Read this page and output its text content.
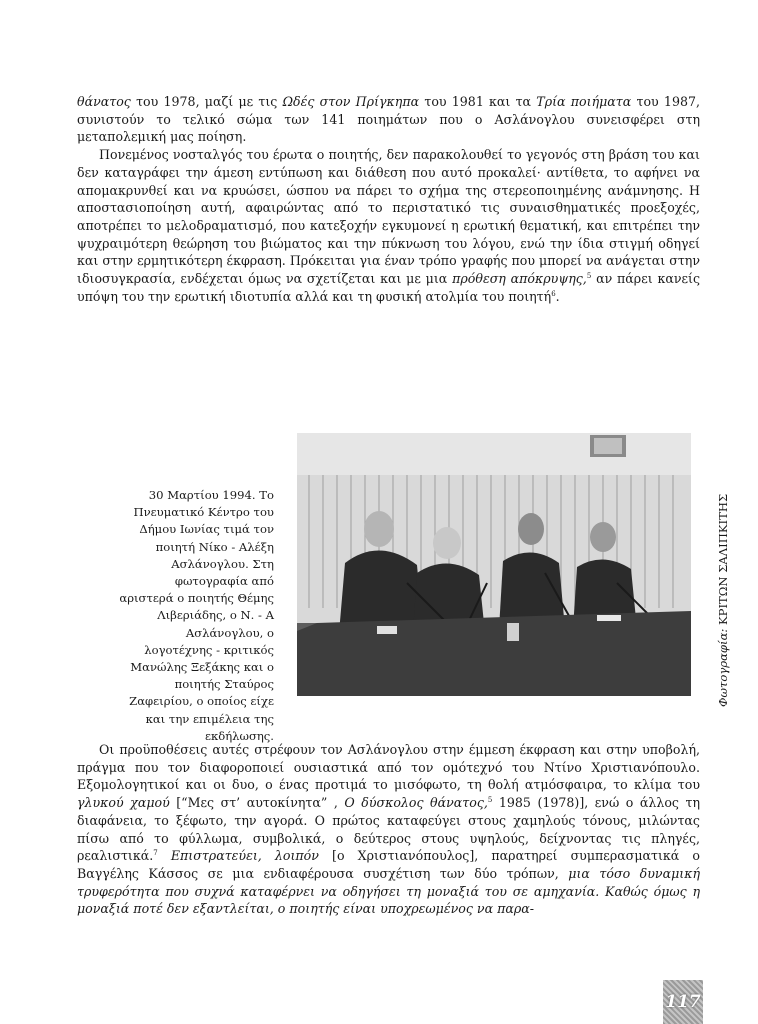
θάνατος του 1978, μαζί με τις Ωδές στον Πρίγκηπα του 1981 και τα Τρία ποιήματα του 1987, συνιστούν το τελικό σώμα των 141 ποιημάτων που ο Ασλάνογλου συνεισφέρει στη μεταπολεμική μας ποίηση.

Πονεμένος νοσταλγός του έρωτα ο ποιητής, δεν παρακολουθεί το γεγονός στη βράση του και δεν καταγράφει την άμεση εντύπωση και διάθεση που αυτό προκαλεί· αντίθετα, το αφήνει να απομακρυνθεί και να κρυώσει, ώσπου να πάρει το σχήμα της στερεοποιημένης ανάμνησης. Η αποστασιοποίηση αυτή, αφαιρώντας από το περιστατικό τις συναισθηματικές προεξοχές, αποτρέπει το μελοδραματισμό, που κατεξοχήν εγκυμονεί η ερωτική θεματική, και επιτρέπει την ψυχραιμότερη θεώρηση του βιώματος και την πύκνωση του λόγου, ενώ την ίδια στιγμή οδηγεί και στην ερμητικότερη έκφραση. Πρόκειται για έναν τρόπο γραφής που μπορεί να ανάγεται στην ιδιοσυγκρασία, ενδέχεται όμως να σχετίζεται και με μια πρόθεση απόκρυψης,$^5$ αν πάρει κανείς υπόψη του την ερωτική ιδιοτυπία αλλά και τη φυσική ατολμία του ποιητή$^6$.

30 Μαρτίου 1994. Το Πνευματικό Κέντρο του Δήμου Ιωνίας τιμά τον ποιητή Νίκο - Αλέξη Ασλάνογλου. Στη φωτογραφία από αριστερά ο ποιητής Θέμης Λιβεριάδης, ο Ν. - Α Ασλάνογλου, ο λογοτέχνης - κριτικός Μανώλης Ξεξάκης και ο ποιητής Σταύρος Ζαφειρίου, ο οποίος είχε και την επιμέλεια της εκδήλωσης.
Φωτογραφία: ΚΡΙΤΩΝ ΣΑΛΙΠΚΙΤΗΣ

Οι προϋποθέσεις αυτές στρέφουν τον Ασλάνογλου στην έμμεση έκφραση και στην υποβολή, πράγμα που τον διαφοροποιεί ουσιαστικά από τον ομότεχνό του Ντίνο Χριστιανόπουλο. Εξομολογητικοί και οι δυο, ο ένας προτιμά το μισόφωτο, τη θολή ατμόσφαιρα, το κλίμα του γλυκού χαμού [“Μες στ’ αυτοκίνητα” , Ο δύσκολος θάνατος,$^5$ 1985 (1978)], ενώ ο άλλος τη διαφάνεια, το ξέφωτο, την αγορά. Ο πρώτος καταφεύγει στους χαμηλούς τόνους, μιλώντας πίσω από το φύλλωμα, συμβολικά, ο δεύτερος στους υψηλούς, δείχνοντας τις πληγές, ρεαλιστικά.$^7$ Επιστρατεύει, λοιπόν [ο Χριστιανόπουλος], παρατηρεί συμπερασματικά ο Βαγγέλης Κάσσος σε μια ενδιαφέρουσα συσχέτιση των δύο τρόπων, μια τόσο δυναμική τρυφερότητα που συχνά καταφέρνει να οδηγήσει τη μοναξιά του σε αμηχανία. Καθώς όμως η μοναξιά ποτέ δεν εξαντλείται, ο ποιητής είναι υποχρεωμένος να παρα-

117
